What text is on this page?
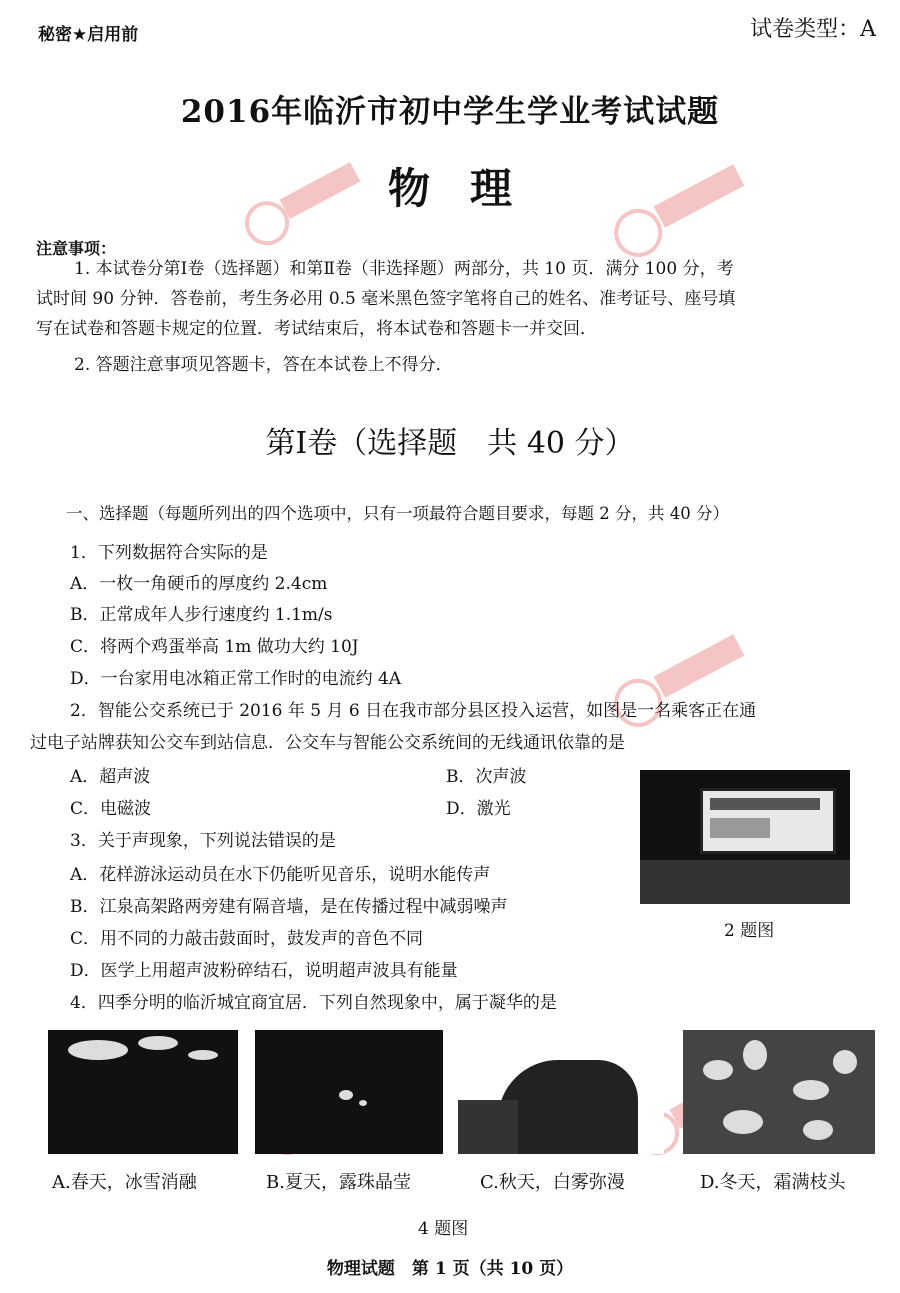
秘密★启用前	试卷类型：A
2016年临沂市初中学生学业考试试题
物理
注意事项：
1. 本试卷分第Ⅰ卷（选择题）和第Ⅱ卷（非选择题）两部分，共 10 页．满分 100 分，考
试时间 90 分钟．答卷前，考生务必用 0.5 毫米黑色签字笔将自己的姓名、准考证号、座号填
写在试卷和答题卡规定的位置．考试结束后，将本试卷和答题卡一并交回．
2. 答题注意事项见答题卡，答在本试卷上不得分．
第Ⅰ卷（选择题　共 40 分）
一、选择题（每题所列出的四个选项中，只有一项最符合题目要求，每题 2 分，共 40 分）
1．下列数据符合实际的是
A．一枚一角硬币的厚度约 2.4cm
B．正常成年人步行速度约 1.1m/s
C．将两个鸡蛋举高 1m 做功大约 10J
D．一台家用电冰箱正常工作时的电流约 4A
2．智能公交系统已于 2016 年 5 月 6 日在我市部分县区投入运营，如图是一名乘客正在通
过电子站牌获知公交车到站信息．公交车与智能公交系统间的无线通讯依靠的是
A．超声波	B．次声波
C．电磁波	D．激光
2 题图
3．关于声现象，下列说法错误的是
A．花样游泳运动员在水下仍能听见音乐，说明水能传声
B．江泉高架路两旁建有隔音墙，是在传播过程中减弱噪声
C．用不同的力敲击鼓面时，鼓发声的音色不同
D．医学上用超声波粉碎结石，说明超声波具有能量
4．四季分明的临沂城宜商宜居．下列自然现象中，属于凝华的是
A.春天，冰雪消融	B.夏天，露珠晶莹	C.秋天，白雾弥漫	D.冬天，霜满枝头
4 题图
物理试题　第 1 页（共 10 页）
